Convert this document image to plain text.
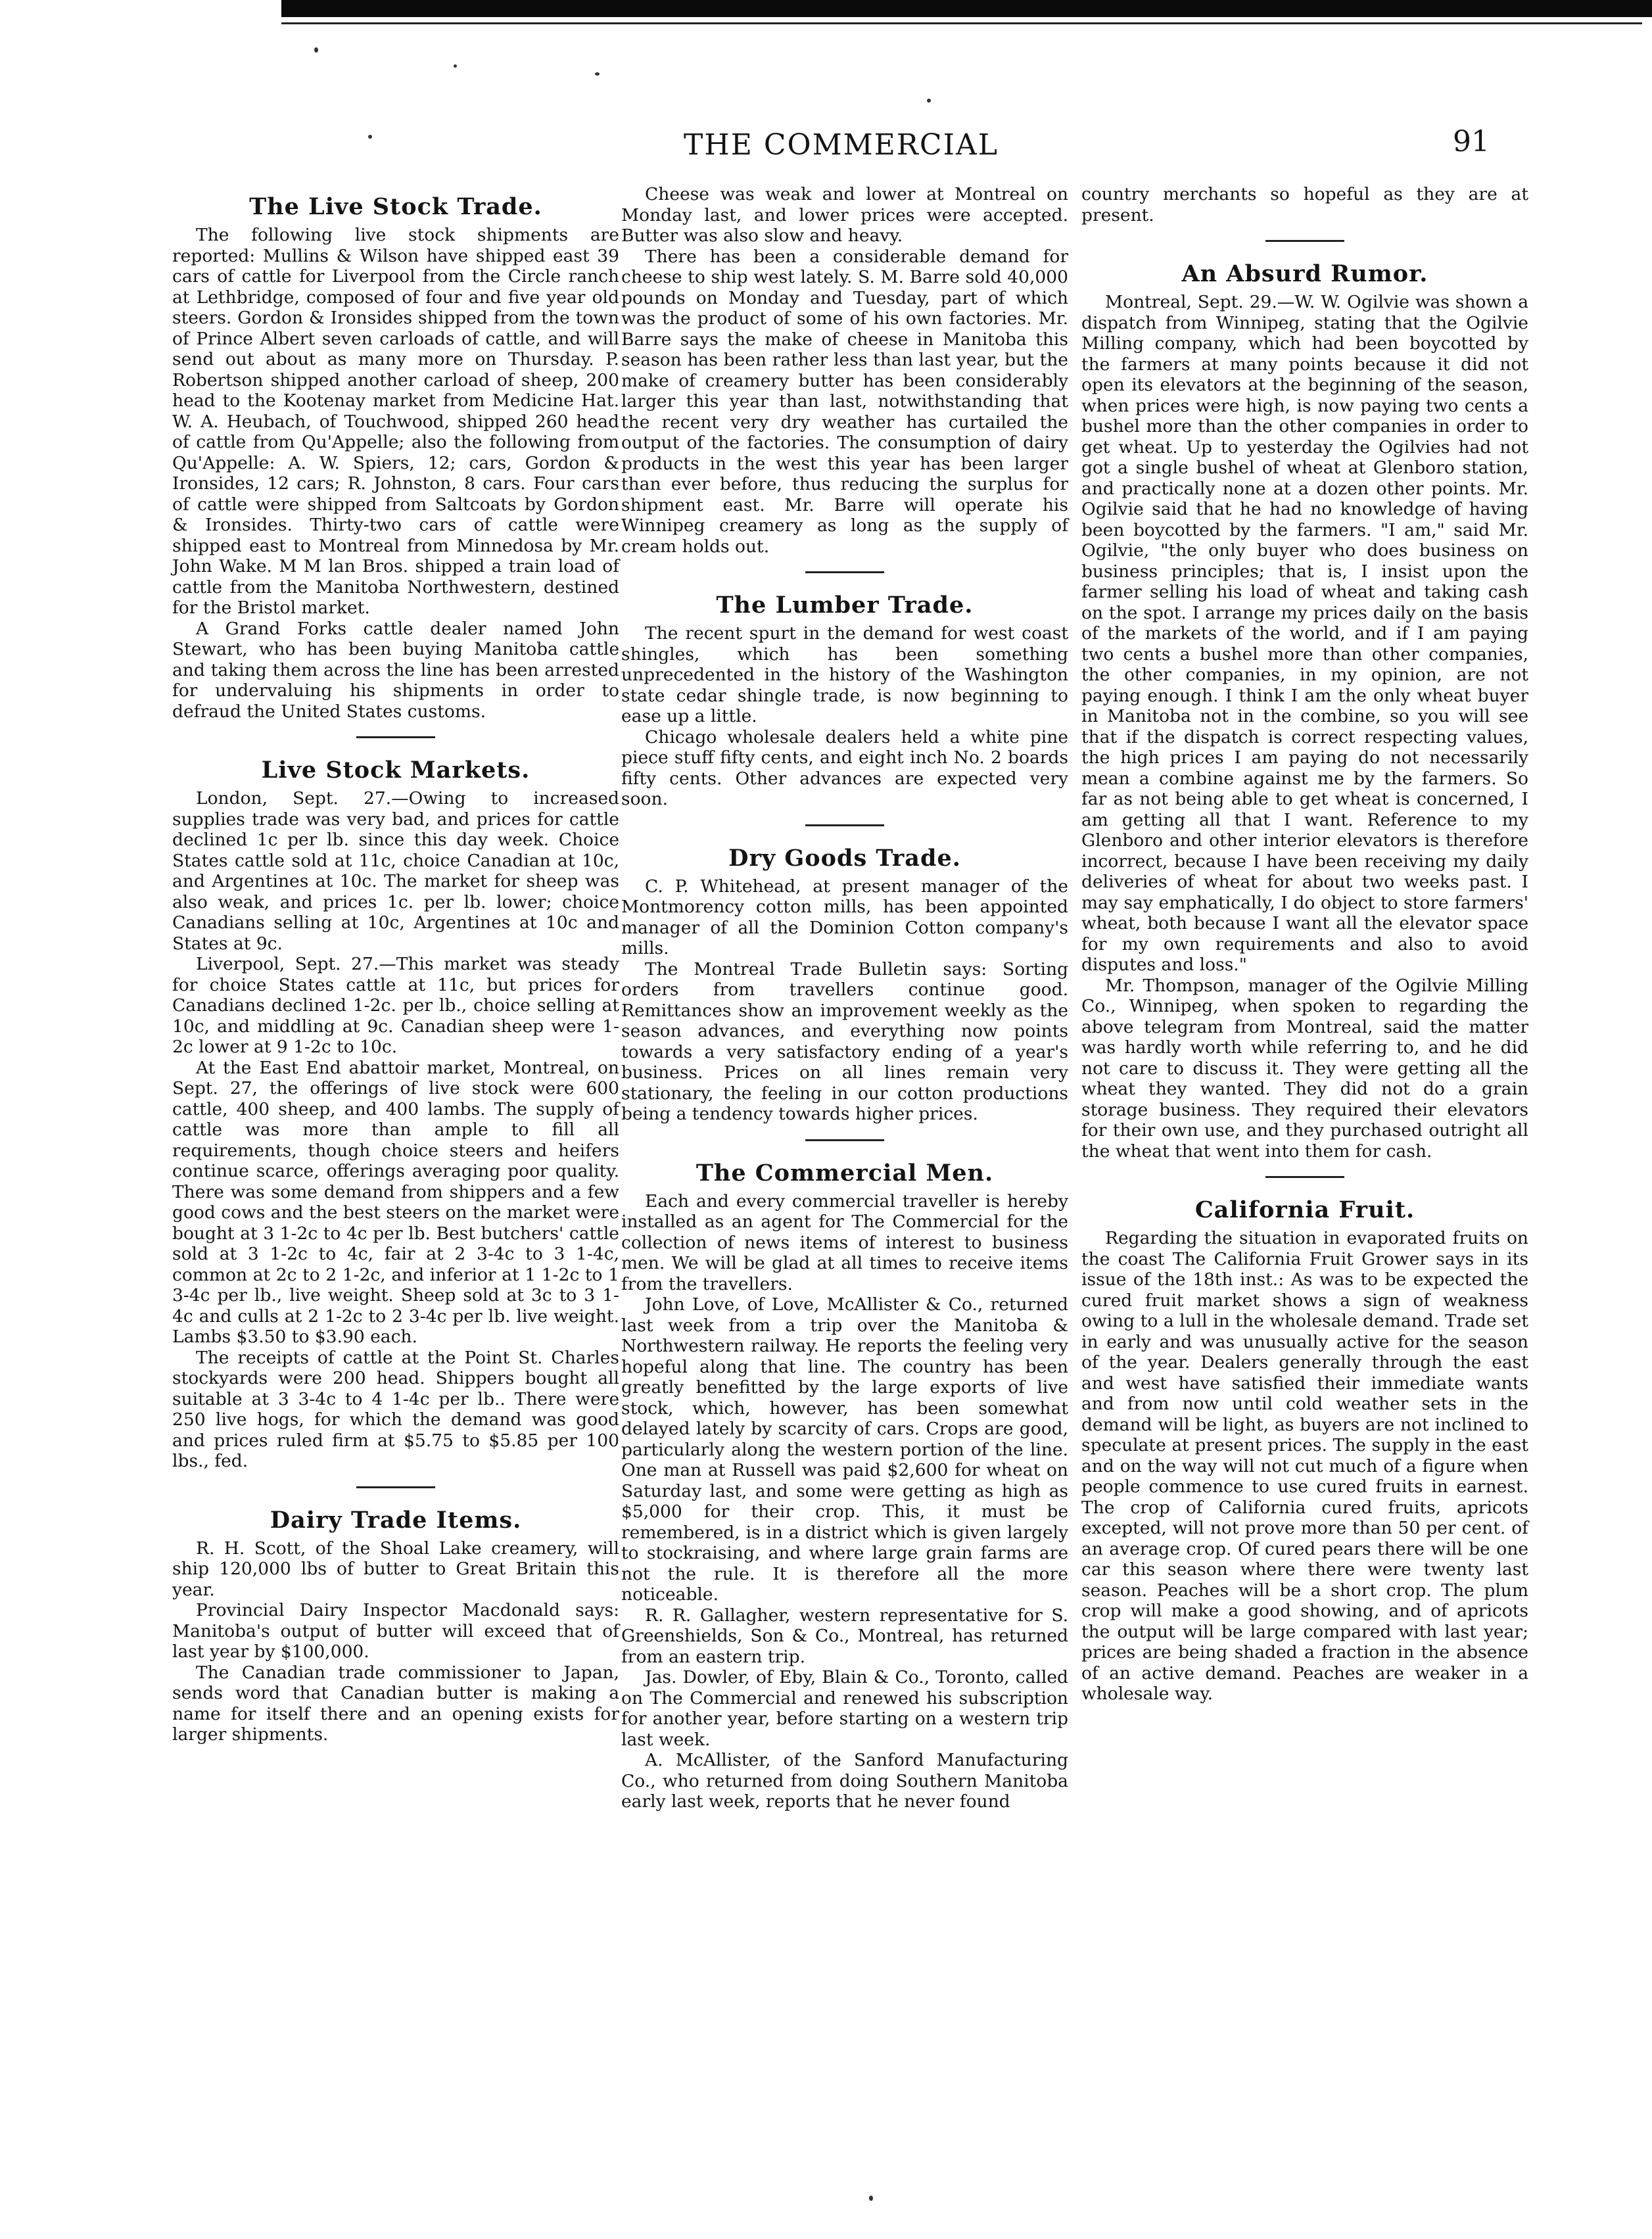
THE COMMERCIAL	91
The Live Stock Trade.

The following live stock shipments are reported: Mullins & Wilson have shipped east 39 cars of cattle for Liverpool from the Circle ranch at Lethbridge, composed of four and five year old steers. Gordon & Ironsides shipped from the town of Prince Albert seven carloads of cattle, and will send out about as many more on Thursday. P. Robertson shipped another carload of sheep, 200 head to the Kootenay market from Medicine Hat. W. A. Heubach, of Touchwood, shipped 260 head of cattle from Qu'Appelle; also the following from Qu'Appelle: A. W. Spiers, 12; cars, Gordon & Ironsides, 12 cars; R. Johnston, 8 cars. Four cars of cattle were shipped from Saltcoats by Gordon & Ironsides. Thirty-two cars of cattle were shipped east to Montreal from Minnedosa by Mr. John Wake. M M lan Bros. shipped a train load of cattle from the Manitoba Northwestern, destined for the Bristol market.

A Grand Forks cattle dealer named John Stewart, who has been buying Manitoba cattle and taking them across the line has been arrested for undervaluing his shipments in order to defraud the United States customs.

Live Stock Markets.

London, Sept. 27.—Owing to increased supplies trade was very bad, and prices for cattle declined 1c per lb. since this day week. Choice States cattle sold at 11c, choice Canadian at 10c, and Argentines at 10c. The market for sheep was also weak, and prices 1c. per lb. lower; choice Canadians selling at 10c, Argentines at 10c and States at 9c.

Liverpool, Sept. 27.—This market was steady for choice States cattle at 11c, but prices for Canadians declined 1-2c. per lb., choice selling at 10c, and middling at 9c. Canadian sheep were 1-2c lower at 9 1-2c to 10c.

At the East End abattoir market, Montreal, on Sept. 27, the offerings of live stock were 600 cattle, 400 sheep, and 400 lambs. The supply of cattle was more than ample to fill all requirements, though choice steers and heifers continue scarce, offerings averaging poor quality. There was some demand from shippers and a few good cows and the best steers on the market were bought at 3 1-2c to 4c per lb. Best butchers' cattle sold at 3 1-2c to 4c, fair at 2 3-4c to 3 1-4c, common at 2c to 2 1-2c, and inferior at 1 1-2c to 1 3-4c per lb., live weight. Sheep sold at 3c to 3 1-4c and culls at 2 1-2c to 2 3-4c per lb. live weight. Lambs $3.50 to $3.90 each.

The receipts of cattle at the Point St. Charles stockyards were 200 head. Shippers bought all suitable at 3 3-4c to 4 1-4c per lb.. There were 250 live hogs, for which the demand was good and prices ruled firm at $5.75 to $5.85 per 100 lbs., fed.

Dairy Trade Items.

R. H. Scott, of the Shoal Lake creamery, will ship 120,000 lbs of butter to Great Britain this year.

Provincial Dairy Inspector Macdonald says: Manitoba's output of butter will exceed that of last year by $100,000.

The Canadian trade commissioner to Japan, sends word that Canadian butter is making a name for itself there and an opening exists for larger shipments.

Cheese was weak and lower at Montreal on Monday last, and lower prices were accepted. Butter was also slow and heavy.

There has been a considerable demand for cheese to ship west lately. S. M. Barre sold 40,000 pounds on Monday and Tuesday, part of which was the product of some of his own factories. Mr. Barre says the make of cheese in Manitoba this season has been rather less than last year, but the make of creamery butter has been considerably larger this year than last, notwithstanding that the recent very dry weather has curtailed the output of the factories. The consumption of dairy products in the west this year has been larger than ever before, thus reducing the surplus for shipment east. Mr. Barre will operate his Winnipeg creamery as long as the supply of cream holds out.

The Lumber Trade.

The recent spurt in the demand for west coast shingles, which has been something unprecedented in the history of the Washington state cedar shingle trade, is now beginning to ease up a little.

Chicago wholesale dealers held a white pine piece stuff fifty cents, and eight inch No. 2 boards fifty cents. Other advances are expected very soon.

Dry Goods Trade.

C. P. Whitehead, at present manager of the Montmorency cotton mills, has been appointed manager of all the Dominion Cotton company's mills.

The Montreal Trade Bulletin says: Sorting orders from travellers continue good. Remittances show an improvement weekly as the season advances, and everything now points towards a very satisfactory ending of a year's business. Prices on all lines remain very stationary, the feeling in our cotton productions being a tendency towards higher prices.

The Commercial Men.

Each and every commercial traveller is hereby installed as an agent for The Commercial for the collection of news items of interest to business men. We will be glad at all times to receive items from the travellers.

John Love, of Love, McAllister & Co., returned last week from a trip over the Manitoba & Northwestern railway. He reports the feeling very hopeful along that line. The country has been greatly benefitted by the large exports of live stock, which, however, has been somewhat delayed lately by scarcity of cars. Crops are good, particularly along the western portion of the line. One man at Russell was paid $2,600 for wheat on Saturday last, and some were getting as high as $5,000 for their crop. This, it must be remembered, is in a district which is given largely to stockraising, and where large grain farms are not the rule. It is therefore all the more noticeable.

R. R. Gallagher, western representative for S. Greenshields, Son & Co., Montreal, has returned from an eastern trip.

Jas. Dowler, of Eby, Blain & Co., Toronto, called on The Commercial and renewed his subscription for another year, before starting on a western trip last week.

A. McAllister, of the Sanford Manufacturing Co., who returned from doing Southern Manitoba early last week, reports that he never found

country merchants so hopeful as they are at present.

An Absurd Rumor.

Montreal, Sept. 29.—W. W. Ogilvie was shown a dispatch from Winnipeg, stating that the Ogilvie Milling company, which had been boycotted by the farmers at many points because it did not open its elevators at the beginning of the season, when prices were high, is now paying two cents a bushel more than the other companies in order to get wheat. Up to yesterday the Ogilvies had not got a single bushel of wheat at Glenboro station, and practically none at a dozen other points. Mr. Ogilvie said that he had no knowledge of having been boycotted by the farmers. "I am," said Mr. Ogilvie, "the only buyer who does business on business principles; that is, I insist upon the farmer selling his load of wheat and taking cash on the spot. I arrange my prices daily on the basis of the markets of the world, and if I am paying two cents a bushel more than other companies, the other companies, in my opinion, are not paying enough. I think I am the only wheat buyer in Manitoba not in the combine, so you will see that if the dispatch is correct respecting values, the high prices I am paying do not necessarily mean a combine against me by the farmers. So far as not being able to get wheat is concerned, I am getting all that I want. Reference to my Glenboro and other interior elevators is therefore incorrect, because I have been receiving my daily deliveries of wheat for about two weeks past. I may say emphatically, I do object to store farmers' wheat, both because I want all the elevator space for my own requirements and also to avoid disputes and loss."

Mr. Thompson, manager of the Ogilvie Milling Co., Winnipeg, when spoken to regarding the above telegram from Montreal, said the matter was hardly worth while referring to, and he did not care to discuss it. They were getting all the wheat they wanted. They did not do a grain storage business. They required their elevators for their own use, and they purchased outright all the wheat that went into them for cash.

California Fruit.

Regarding the situation in evaporated fruits on the coast The California Fruit Grower says in its issue of the 18th inst.: As was to be expected the cured fruit market shows a sign of weakness owing to a lull in the wholesale demand. Trade set in early and was unusually active for the season of the year. Dealers generally through the east and west have satisfied their immediate wants and from now until cold weather sets in the demand will be light, as buyers are not inclined to speculate at present prices. The supply in the east and on the way will not cut much of a figure when people commence to use cured fruits in earnest. The crop of California cured fruits, apricots excepted, will not prove more than 50 per cent. of an average crop. Of cured pears there will be one car this season where there were twenty last season. Peaches will be a short crop. The plum crop will make a good showing, and of apricots the output will be large compared with last year; prices are being shaded a fraction in the absence of an active demand. Peaches are weaker in a wholesale way.
